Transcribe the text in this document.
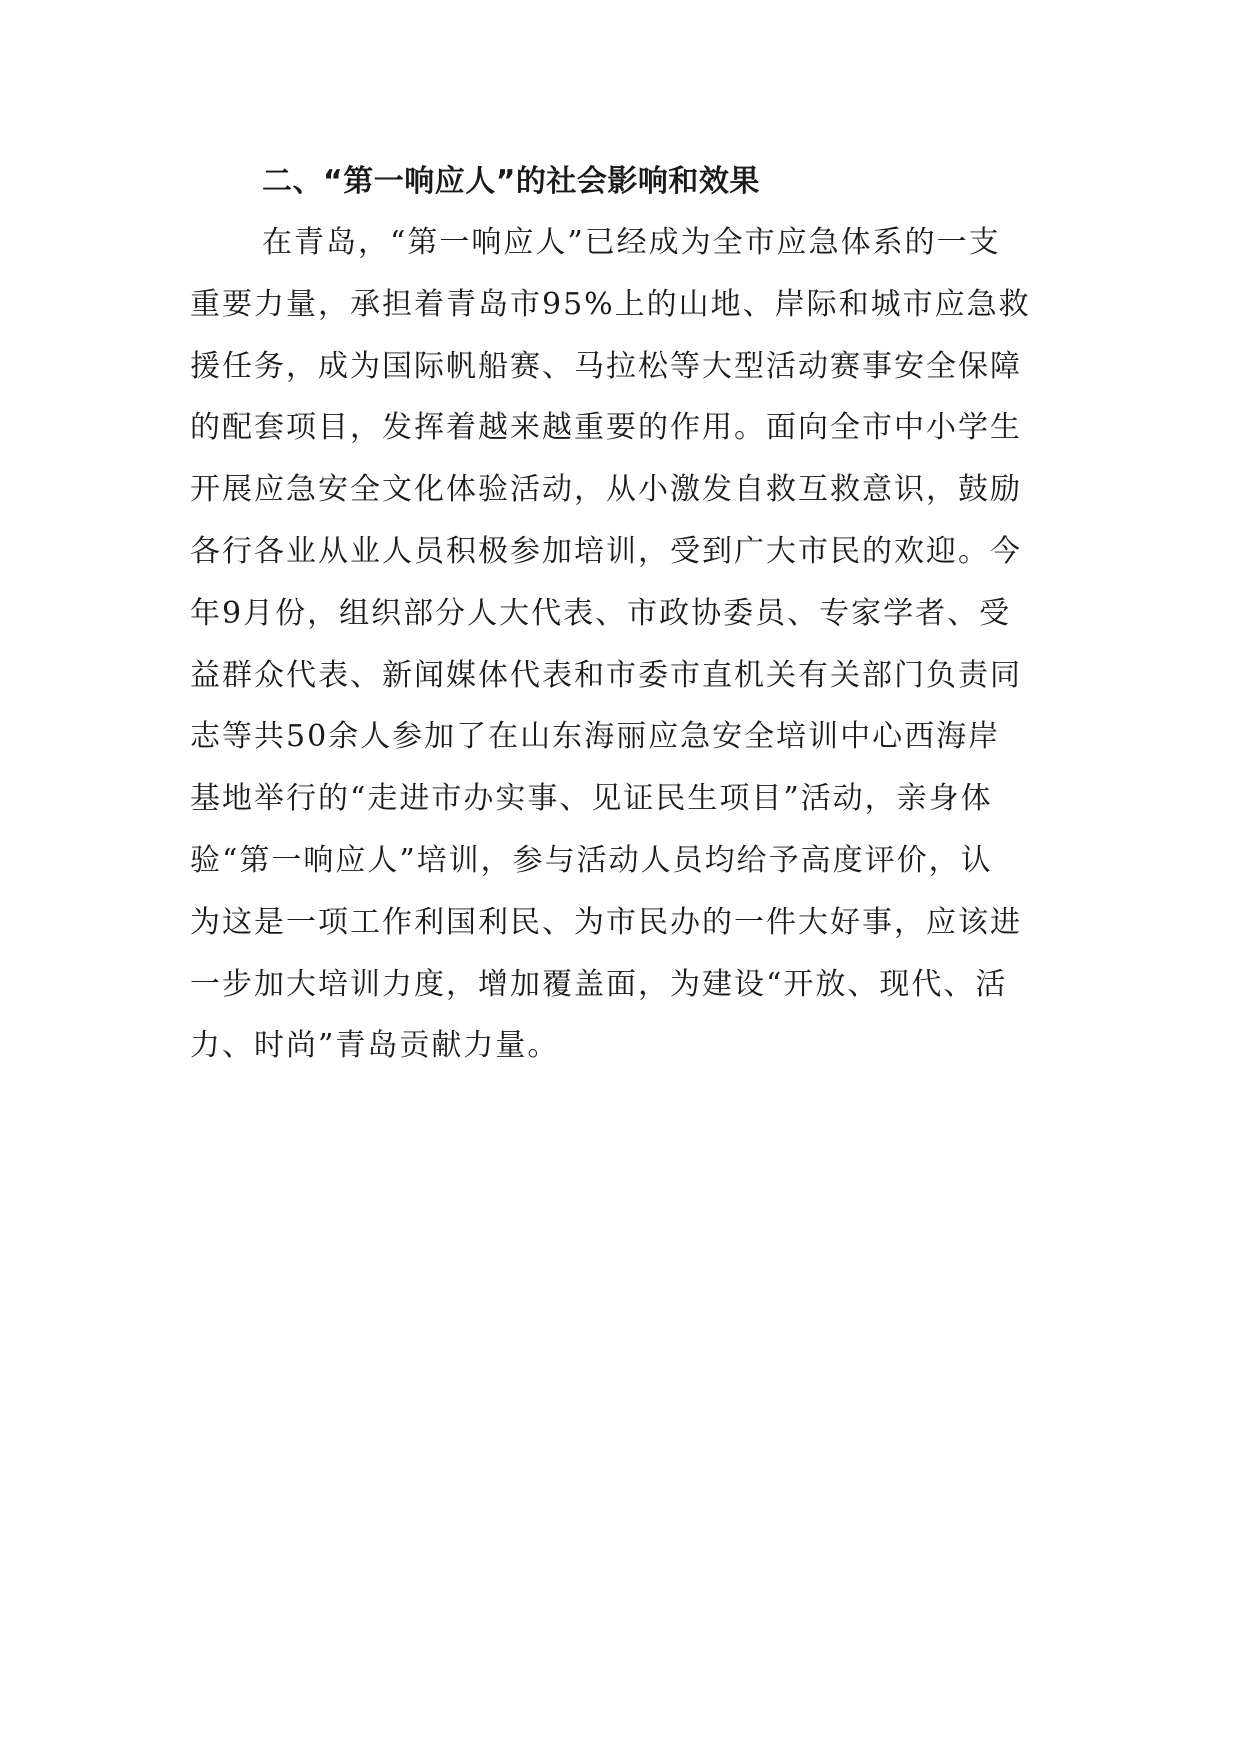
二、“第一响应人”的社会影响和效果

在青岛，“第一响应人”已经成为全市应急体系的一支

重要力量，承担着青岛市95%上的山地、岸际和城市应急救

援任务，成为国际帆船赛、马拉松等大型活动赛事安全保障

的配套项目，发挥着越来越重要的作用。面向全市中小学生

开展应急安全文化体验活动，从小激发自救互救意识，鼓励

各行各业从业人员积极参加培训，受到广大市民的欢迎。今

年9月份，组织部分人大代表、市政协委员、专家学者、受

益群众代表、新闻媒体代表和市委市直机关有关部门负责同

志等共50余人参加了在山东海丽应急安全培训中心西海岸

基地举行的“走进市办实事、见证民生项目”活动，亲身体

验“第一响应人”培训，参与活动人员均给予高度评价，认

为这是一项工作利国利民、为市民办的一件大好事，应该进

一步加大培训力度，增加覆盖面，为建设“开放、现代、活

力、时尚”青岛贡献力量。
